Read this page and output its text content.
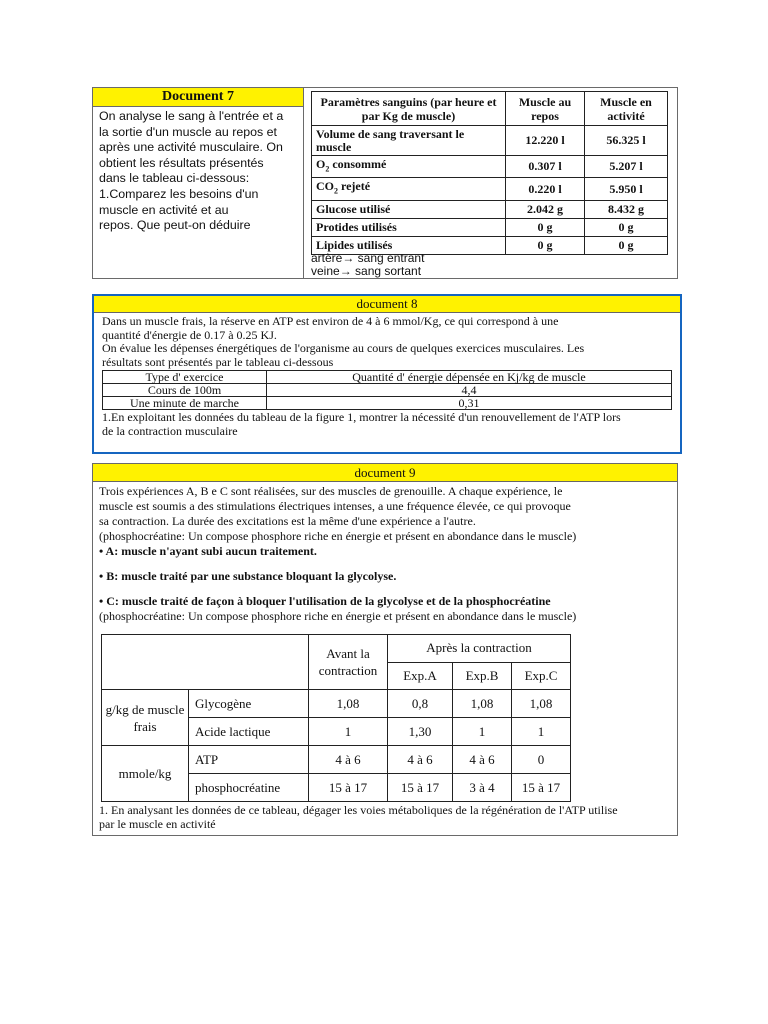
Document 7
On analyse le sang à l'entrée et a
la sortie d'un muscle au repos et
après une activité musculaire. On
obtient les résultats présentés
dans le tableau ci-dessous:
1.Comparez les besoins d'un
muscle en activité et au
repos. Que peut-on déduire
Paramètres sanguins (par heure et par Kg de muscle)	Muscle au repos	Muscle en activité
Volume de sang traversant le muscle	12.220 l	56.325 l
$O_2$ consommé	0.307 l	5.207 l
$CO_2$ rejeté	0.220 l	5.950 l
Glucose utilisé	2.042 g	8.432 g
Protides utilisés	0 g	0 g
Lipides utilisés	0 g	0 g
artère→ sang entrant
veine→ sang sortant
document 8
Dans un muscle frais, la réserve en ATP est environ de 4 à 6 mmol/Kg, ce qui correspond à une
quantité d'énergie de 0.17 à 0.25 KJ.
On évalue les dépenses énergétiques de l'organisme au cours de quelques exercices musculaires. Les
résultats sont présentés par le tableau ci-dessous
Type d' exercice	Quantité d' énergie dépensée en Kj/kg de muscle
Cours de 100m	4,4
Une minute de marche	0,31
1.En exploitant les données du tableau de la figure 1, montrer la nécessité d'un renouvellement de l'ATP lors
de la contraction musculaire
document 9
Trois expériences A, B e C sont réalisées, sur des muscles de grenouille. A chaque expérience, le
muscle est soumis a des stimulations électriques intenses, a une fréquence élevée, ce qui provoque
sa contraction. La durée des excitations est la même d'une expérience a l'autre.
(phosphocréatine: Un compose phosphore riche en énergie et présent en abondance dans le muscle)
• A: muscle n'ayant subi aucun traitement.
• B: muscle traité par une substance bloquant la glycolyse.
• C: muscle traité de façon à bloquer l'utilisation de la glycolyse et de la phosphocréatine
(phosphocréatine: Un compose phosphore riche en énergie et présent en abondance dans le muscle)
		Avant la contraction	Après la contraction		
			Exp.A	Exp.B	Exp.C
g/kg de muscle frais	Glycogène	1,08	0,8	1,08	1,08
	Acide lactique	1	1,30	1	1
mmole/kg	ATP	4 à 6	4 à 6	4 à 6	0
	phosphocréatine	15 à 17	15 à 17	3 à 4	15 à 17
1. En analysant les données de ce tableau, dégager les voies métaboliques de la régénération de l'ATP utilise
par le muscle en activité
